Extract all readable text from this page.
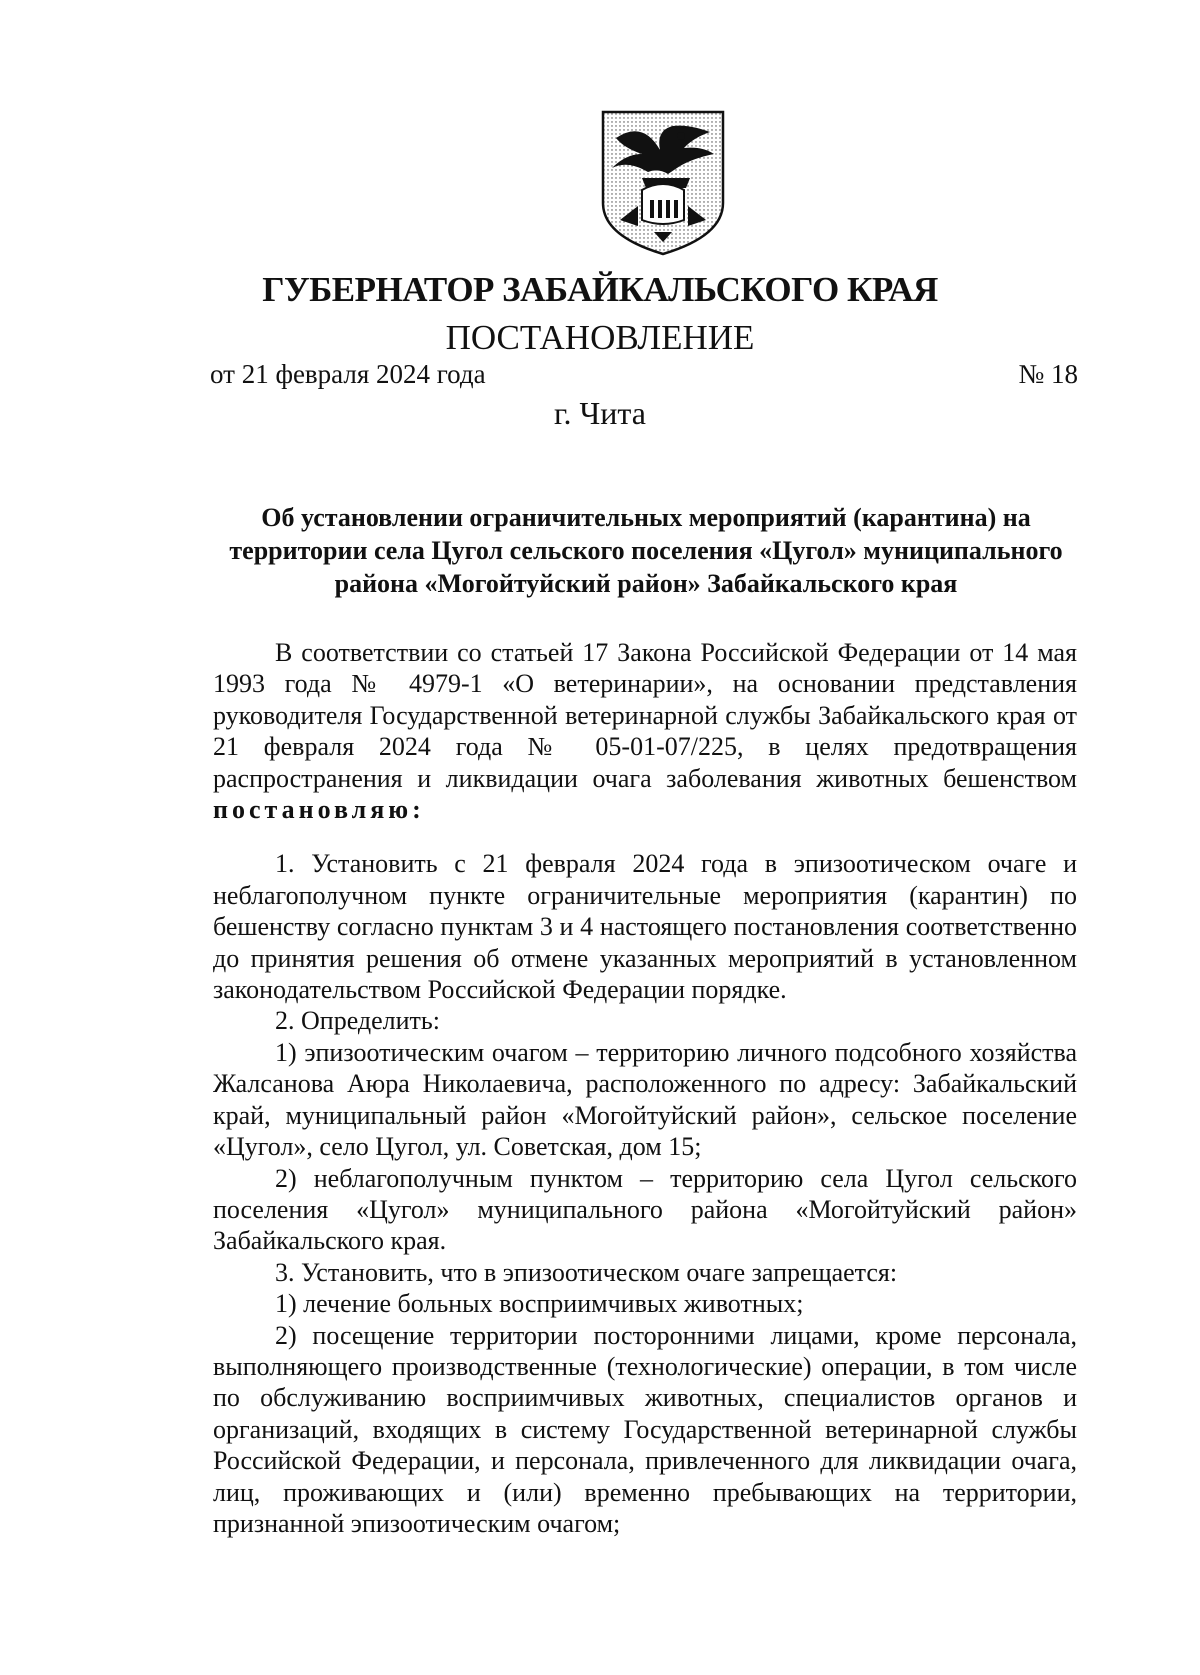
ГУБЕРНАТОР ЗАБАЙКАЛЬСКОГО КРАЯ
ПОСТАНОВЛЕНИЕ
от 21 февраля 2024 года	№ 18
г. Чита

Об установлении ограничительных мероприятий (карантина) на территории села Цугол сельского поселения «Цугол» муниципального района «Могойтуйский район» Забайкальского края

В соответствии со статьей 17 Закона Российской Федерации от 14 мая 1993 года № 4979-1 «О ветеринарии», на основании представления руководителя Государственной ветеринарной службы Забайкальского края от 21 февраля 2024 года № 05-01-07/225, в целях предотвращения распространения и ликвидации очага заболевания животных бешенством постановляю:

1. Установить с 21 февраля 2024 года в эпизоотическом очаге и неблагополучном пункте ограничительные мероприятия (карантин) по бешенству согласно пунктам 3 и 4 настоящего постановления соответственно до принятия решения об отмене указанных мероприятий в установленном законодательством Российской Федерации порядке.

2. Определить:

1) эпизоотическим очагом – территорию личного подсобного хозяйства Жалсанова Аюра Николаевича, расположенного по адресу: Забайкальский край, муниципальный район «Могойтуйский район», сельское поселение «Цугол», село Цугол, ул. Советская, дом 15;

2) неблагополучным пунктом – территорию села Цугол сельского поселения «Цугол» муниципального района «Могойтуйский район» Забайкальского края.

3. Установить, что в эпизоотическом очаге запрещается:

1) лечение больных восприимчивых животных;

2) посещение территории посторонними лицами, кроме персонала, выполняющего производственные (технологические) операции, в том числе по обслуживанию восприимчивых животных, специалистов органов и организаций, входящих в систему Государственной ветеринарной службы Российской Федерации, и персонала, привлеченного для ликвидации очага, лиц, проживающих и (или) временно пребывающих на территории, признанной эпизоотическим очагом;
